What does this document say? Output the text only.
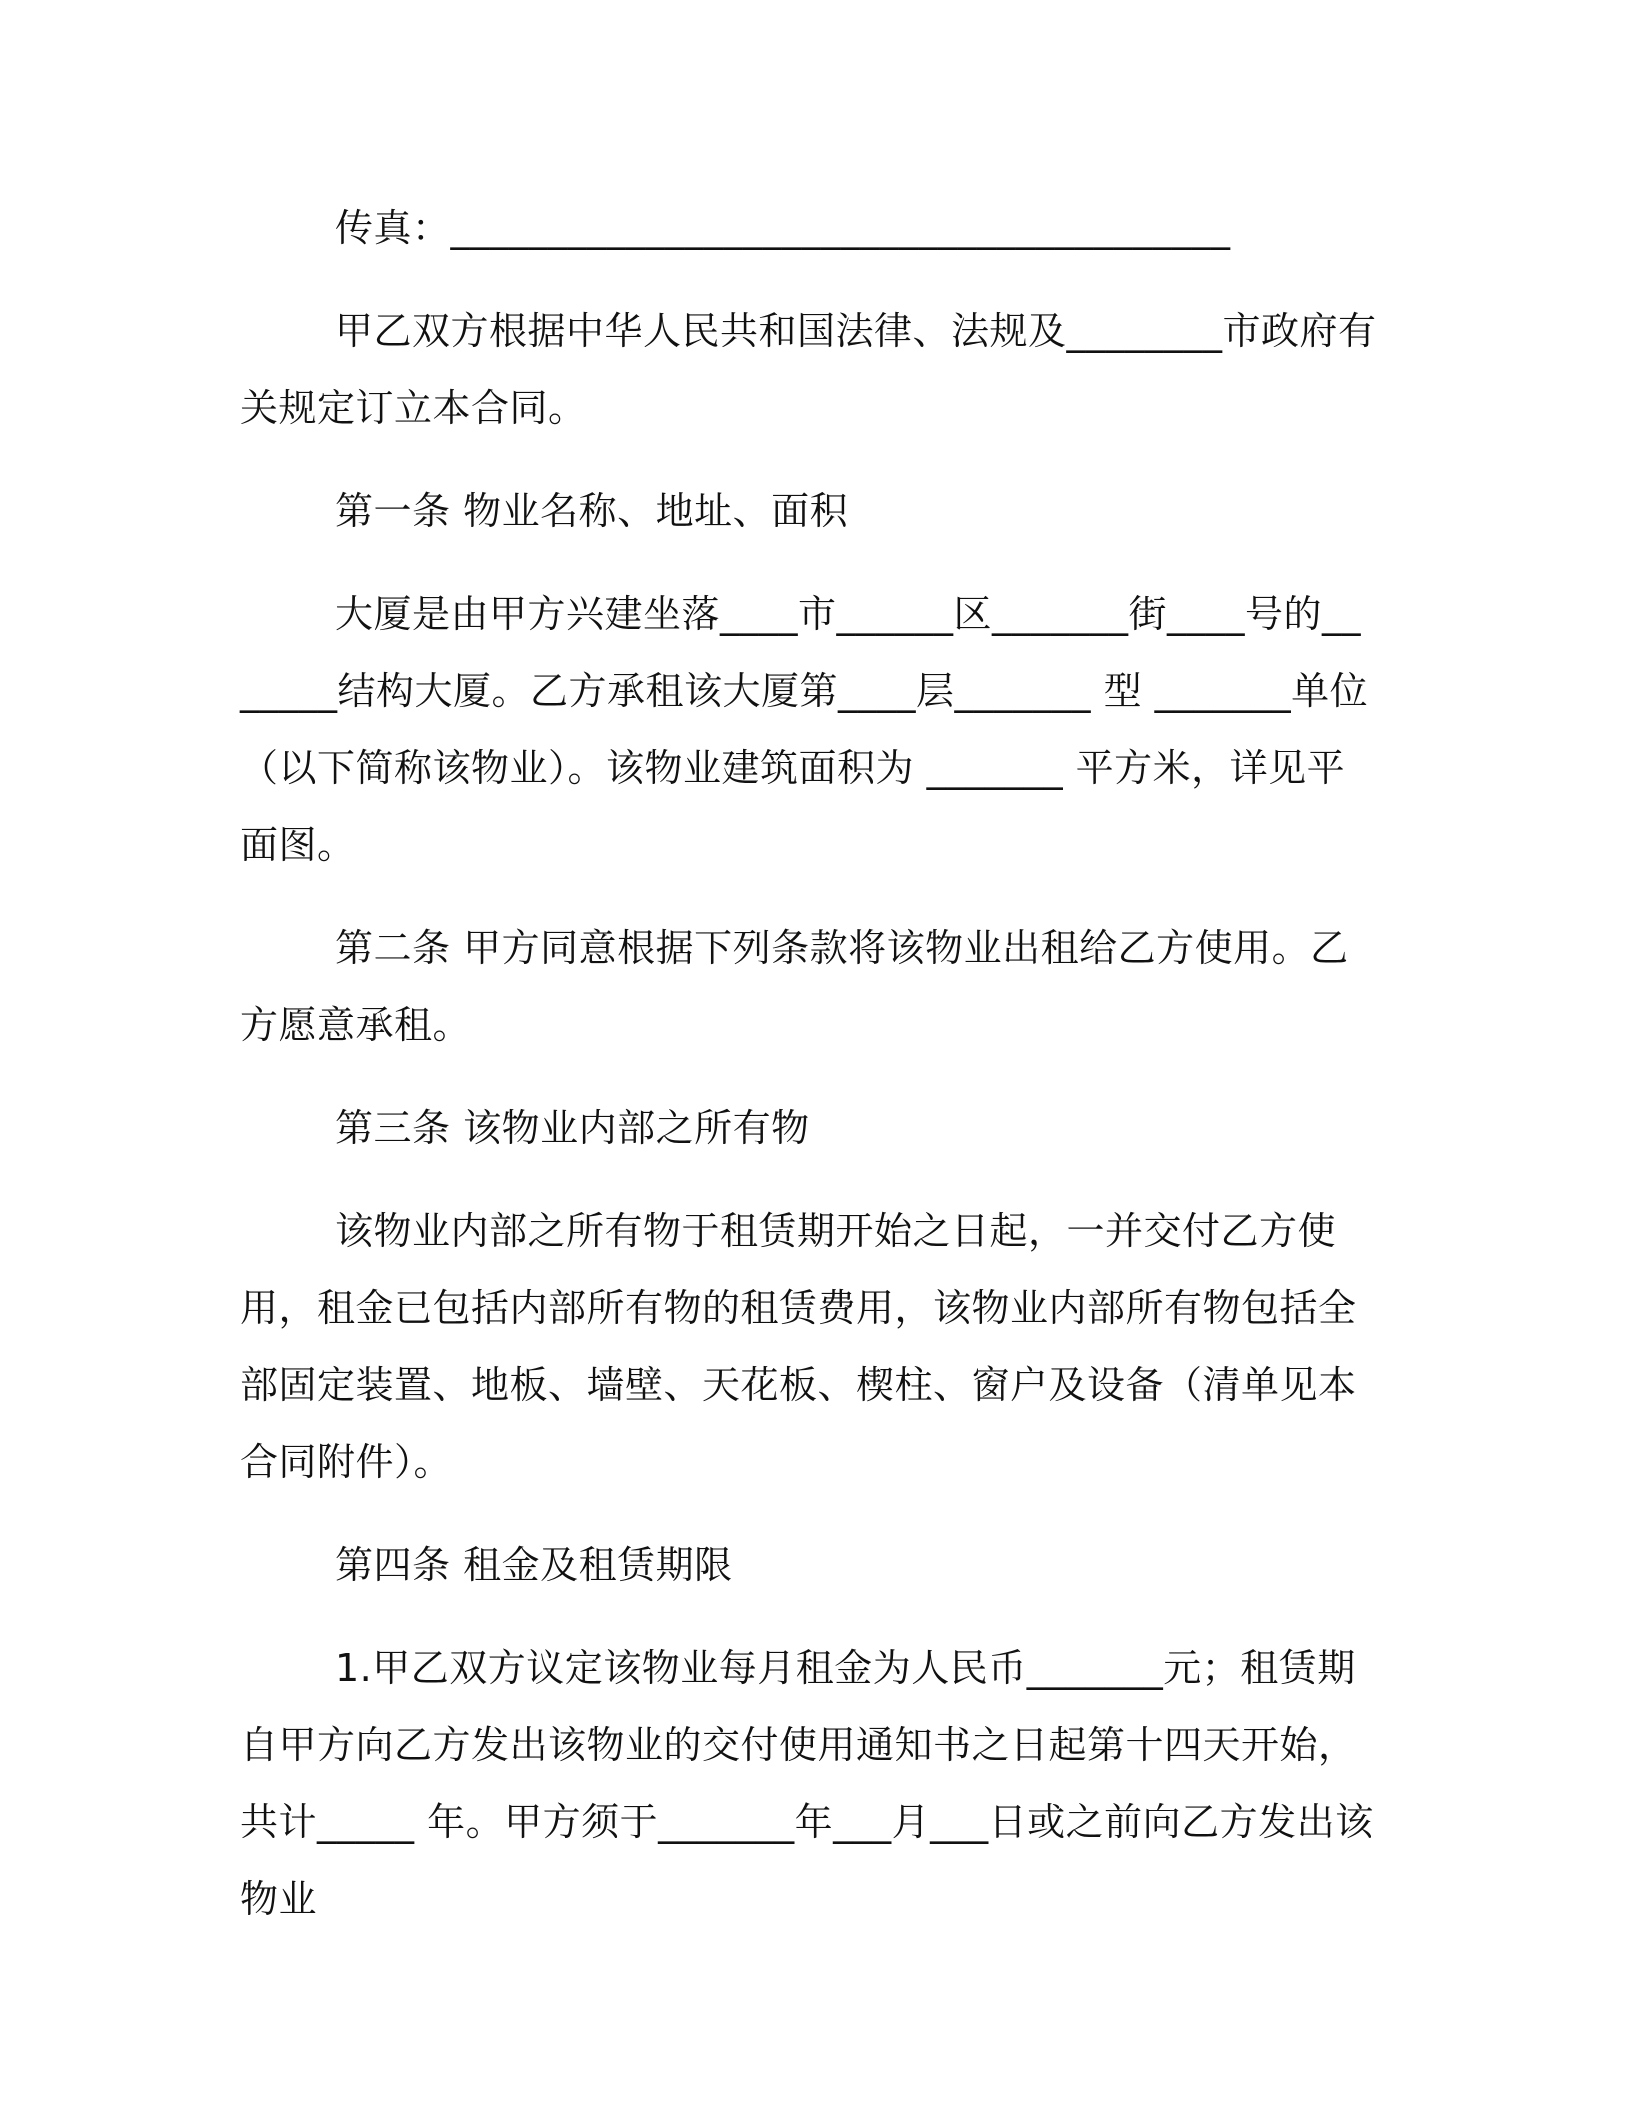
传真：________________________________________

甲乙双方根据中华人民共和国法律、法规及________市政府有关规定订立本合同。

第一条 物业名称、地址、面积

大厦是由甲方兴建坐落____市______区_______街____号的_______结构大厦。乙方承租该大厦第____层_______ 型 _______单位（以下简称该物业）。该物业建筑面积为 _______ 平方米，详见平面图。

第二条 甲方同意根据下列条款将该物业出租给乙方使用。乙方愿意承租。

第三条 该物业内部之所有物

该物业内部之所有物于租赁期开始之日起，一并交付乙方使用，租金已包括内部所有物的租赁费用，该物业内部所有物包括全部固定装置、地板、墙壁、天花板、楔柱、窗户及设备（清单见本合同附件）。

第四条 租金及租赁期限

1.甲乙双方议定该物业每月租金为人民币_______元；租赁期自甲方向乙方发出该物业的交付使用通知书之日起第十四天开始，共计_____ 年。甲方须于_______年___月___日或之前向乙方发出该物业
